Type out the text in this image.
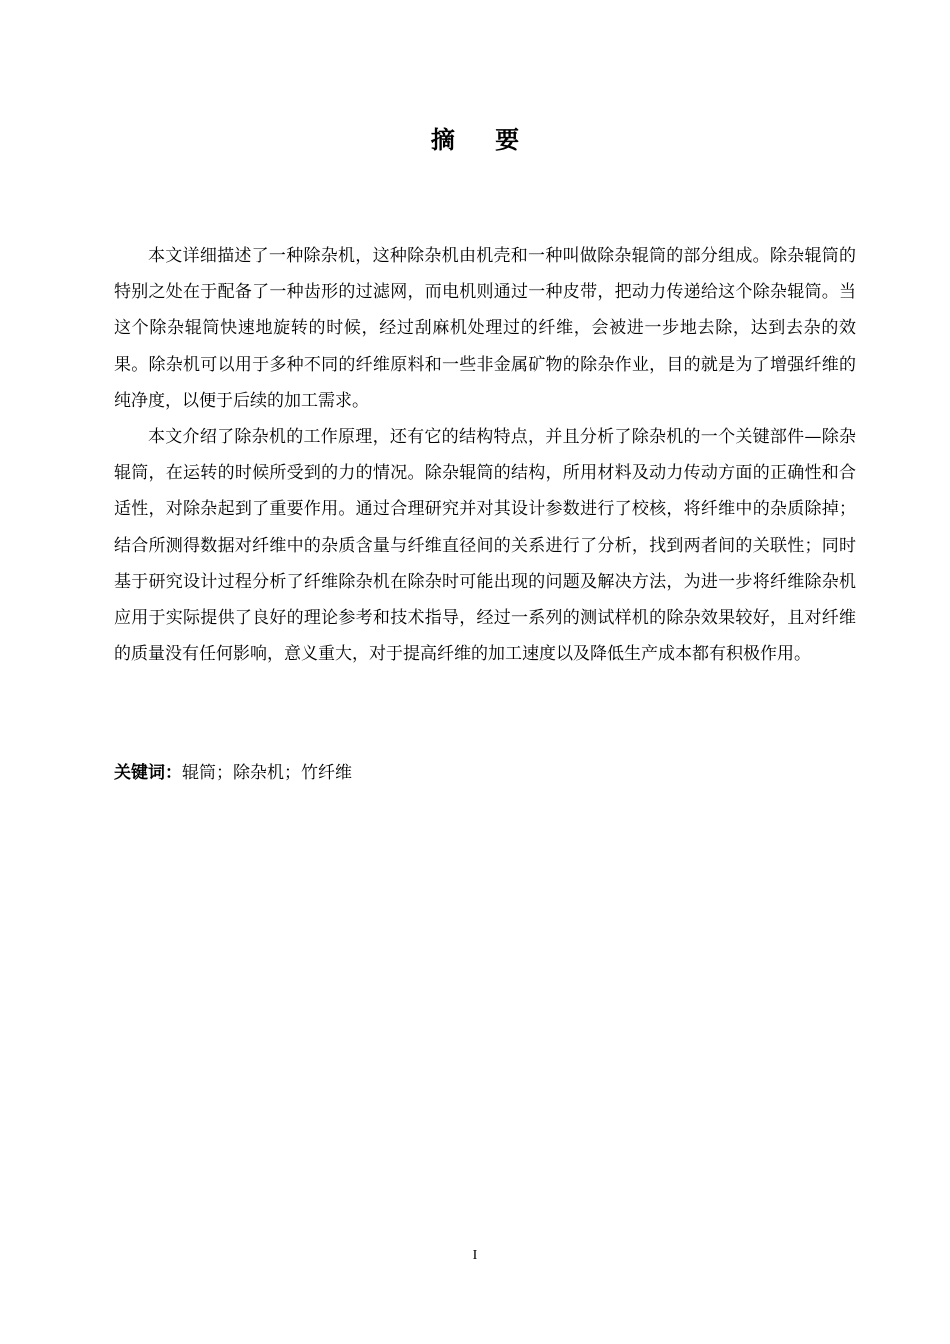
摘 要

本文详细描述了一种除杂机，这种除杂机由机壳和一种叫做除杂辊筒的部分组成。除杂辊筒的特别之处在于配备了一种齿形的过滤网，而电机则通过一种皮带，把动力传递给这个除杂辊筒。当这个除杂辊筒快速地旋转的时候，经过刮麻机处理过的纤维，会被进一步地去除，达到去杂的效果。除杂机可以用于多种不同的纤维原料和一些非金属矿物的除杂作业，目的就是为了增强纤维的纯净度，以便于后续的加工需求。

本文介绍了除杂机的工作原理，还有它的结构特点，并且分析了除杂机的一个关键部件—除杂辊筒，在运转的时候所受到的力的情况。除杂辊筒的结构，所用材料及动力传动方面的正确性和合适性，对除杂起到了重要作用。通过合理研究并对其设计参数进行了校核，将纤维中的杂质除掉；结合所测得数据对纤维中的杂质含量与纤维直径间的关系进行了分析，找到两者间的关联性；同时基于研究设计过程分析了纤维除杂机在除杂时可能出现的问题及解决方法，为进一步将纤维除杂机应用于实际提供了良好的理论参考和技术指导，经过一系列的测试样机的除杂效果较好，且对纤维的质量没有任何影响，意义重大，对于提高纤维的加工速度以及降低生产成本都有积极作用。

关键词：辊筒；除杂机；竹纤维
I
